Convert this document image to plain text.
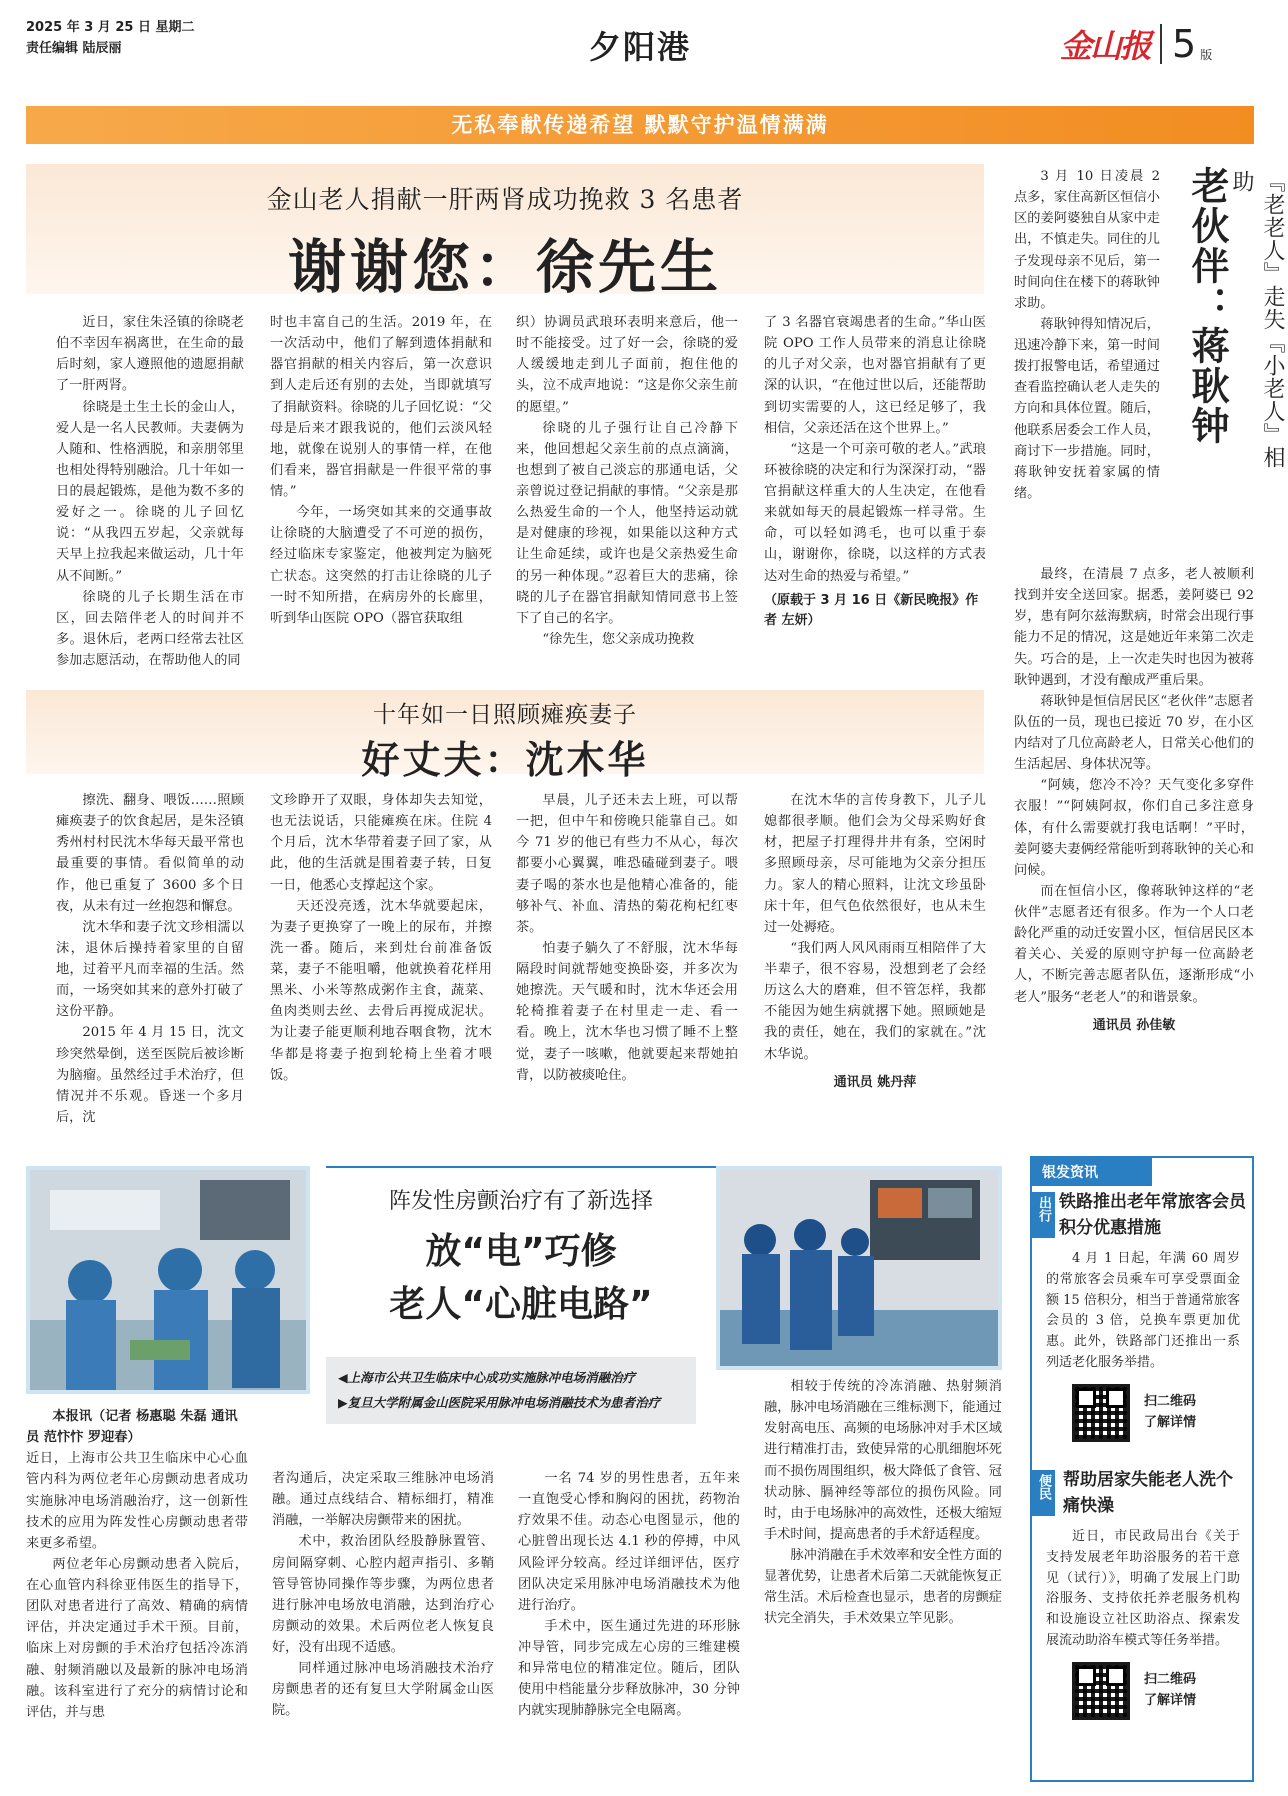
2025 年 3 月 25 日 星期二
责任编辑 陆辰丽	夕阳港	金山报 5 版
无私奉献传递希望 默默守护温情满满
金山老人捐献一肝两肾成功挽救 3 名患者
谢谢您：徐先生

近日，家住朱泾镇的徐晓老伯不幸因车祸离世，在生命的最后时刻，家人遵照他的遗愿捐献了一肝两肾。

徐晓是土生土长的金山人，爱人是一名人民教师。夫妻俩为人随和、性格洒脱，和亲朋邻里也相处得特别融洽。几十年如一日的晨起锻炼，是他为数不多的爱好之一。徐晓的儿子回忆说：“从我四五岁起，父亲就每天早上拉我起来做运动，几十年从不间断。”

徐晓的儿子长期生活在市区，回去陪伴老人的时间并不多。退休后，老两口经常去社区参加志愿活动，在帮助他人的同

时也丰富自己的生活。2019 年，在一次活动中，他们了解到遗体捐献和器官捐献的相关内容后，第一次意识到人走后还有别的去处，当即就填写了捐献资料。徐晓的儿子回忆说：“父母是后来才跟我说的，他们云淡风轻地，就像在说别人的事情一样，在他们看来，器官捐献是一件很平常的事情。”

今年，一场突如其来的交通事故让徐晓的大脑遭受了不可逆的损伤，经过临床专家鉴定，他被判定为脑死亡状态。这突然的打击让徐晓的儿子一时不知所措，在病房外的长廊里，听到华山医院 OPO（器官获取组

织）协调员武琅环表明来意后，他一时不能接受。过了好一会，徐晓的爱人缓缓地走到儿子面前，抱住他的头，泣不成声地说：“这是你父亲生前的愿望。”

徐晓的儿子强行让自己冷静下来，他回想起父亲生前的点点滴滴，也想到了被自己淡忘的那通电话，父亲曾说过登记捐献的事情。“父亲是那么热爱生命的一个人，他坚持运动就是对健康的珍视，如果能以这种方式让生命延续，或许也是父亲热爱生命的另一种体现。”忍着巨大的悲痛，徐晓的儿子在器官捐献知情同意书上签下了自己的名字。

“徐先生，您父亲成功挽救

了 3 名器官衰竭患者的生命。”华山医院 OPO 工作人员带来的消息让徐晓的儿子对父亲，也对器官捐献有了更深的认识，“在他过世以后，还能帮助到切实需要的人，这已经足够了，我相信，父亲还活在这个世界上。”

“这是一个可亲可敬的老人。”武琅环被徐晓的决定和行为深深打动，“器官捐献这样重大的人生决定，在他看来就如每天的晨起锻炼一样寻常。生命，可以轻如鸿毛，也可以重于泰山，谢谢你，徐晓，以这样的方式表达对生命的热爱与希望。”

（原载于 3 月 16 日《新民晚报》作者 左妍）
十年如一日照顾瘫痪妻子
好丈夫：沈木华

擦洗、翻身、喂饭……照顾瘫痪妻子的饮食起居，是朱泾镇秀州村村民沈木华每天最平常也最重要的事情。看似简单的动作，他已重复了 3600 多个日夜，从未有过一丝抱怨和懈怠。

沈木华和妻子沈文珍相濡以沫，退休后操持着家里的自留地，过着平凡而幸福的生活。然而，一场突如其来的意外打破了这份平静。

2015 年 4 月 15 日，沈文珍突然晕倒，送至医院后被诊断为脑瘤。虽然经过手术治疗，但情况并不乐观。昏迷一个多月后，沈

文珍睁开了双眼，身体却失去知觉，也无法说话，只能瘫痪在床。住院 4 个月后，沈木华带着妻子回了家，从此，他的生活就是围着妻子转，日复一日，他悉心支撑起这个家。

天还没亮透，沈木华就要起床，为妻子更换穿了一晚上的尿布，并擦洗一番。随后，来到灶台前准备饭菜，妻子不能咀嚼，他就换着花样用黑米、小米等熬成粥作主食，蔬菜、鱼肉类则去丝、去骨后再搅成泥状。为让妻子能更顺利地吞咽食物，沈木华都是将妻子抱到轮椅上坐着才喂饭。

早晨，儿子还未去上班，可以帮一把，但中午和傍晚只能靠自己。如今 71 岁的他已有些力不从心，每次都要小心翼翼，唯恐磕碰到妻子。喂妻子喝的茶水也是他精心准备的，能够补气、补血、清热的菊花枸杞红枣茶。

怕妻子躺久了不舒服，沈木华每隔段时间就帮她变换卧姿，并多次为她擦洗。天气暖和时，沈木华还会用轮椅推着妻子在村里走一走、看一看。晚上，沈木华也习惯了睡不上整觉，妻子一咳嗽，他就要起来帮她拍背，以防被痰呛住。

在沈木华的言传身教下，儿子儿媳都很孝顺。他们会为父母采购好食材，把屋子打理得井井有条，空闲时多照顾母亲，尽可能地为父亲分担压力。家人的精心照料，让沈文珍虽卧床十年，但气色依然很好，也从未生过一处褥疮。

“我们两人风风雨雨互相陪伴了大半辈子，很不容易，没想到老了会经历这么大的磨难，但不管怎样，我都不能因为她生病就撂下她。照顾她是我的责任，她在，我们的家就在。”沈木华说。

通讯员 姚丹萍

3 月 10 日凌晨 2 点多，家住高新区恒信小区的姜阿婆独自从家中走出，不慎走失。同住的儿子发现母亲不见后，第一时间向住在楼下的蒋耿钟求助。

蒋耿钟得知情况后，迅速冷静下来，第一时间拨打报警电话，希望通过查看监控确认老人走失的方向和具体位置。随后，他联系居委会工作人员，商讨下一步措施。同时，蒋耿钟安抚着家属的情绪。

老伙伴：蒋耿钟	『老老人』走失『小老人』相助

最终，在清晨 7 点多，老人被顺利找到并安全送回家。据悉，姜阿婆已 92 岁，患有阿尔兹海默病，时常会出现行事能力不足的情况，这是她近年来第二次走失。巧合的是，上一次走失时也因为被蒋耿钟遇到，才没有酿成严重后果。

蒋耿钟是恒信居民区“老伙伴”志愿者队伍的一员，现也已接近 70 岁，在小区内结对了几位高龄老人，日常关心他们的生活起居、身体状况等。

“阿姨，您冷不冷？天气变化多穿件衣服！”“阿姨阿叔，你们自己多注意身体，有什么需要就打我电话啊！”平时，姜阿婆夫妻俩经常能听到蒋耿钟的关心和问候。

而在恒信小区，像蒋耿钟这样的“老伙伴”志愿者还有很多。作为一个人口老龄化严重的动迁安置小区，恒信居民区本着关心、关爱的原则守护每一位高龄老人，不断完善志愿者队伍，逐渐形成“小老人”服务“老老人”的和谐景象。

通讯员 孙佳敏
阵发性房颤治疗有了新选择
放“电”巧修
老人“心脏电路”
◀上海市公共卫生临床中心成功实施脉冲电场消融治疗
▶复旦大学附属金山医院采用脉冲电场消融技术为患者治疗
本报讯（记者 杨惠聪 朱磊 通讯员 范忭忭 罗迎春）

近日，上海市公共卫生临床中心心血管内科为两位老年心房颤动患者成功实施脉冲电场消融治疗，这一创新性技术的应用为阵发性心房颤动患者带来更多希望。

两位老年心房颤动患者入院后，在心血管内科徐亚伟医生的指导下，团队对患者进行了高效、精确的病情评估，并决定通过手术干预。目前，临床上对房颤的手术治疗包括冷冻消融、射频消融以及最新的脉冲电场消融。该科室进行了充分的病情讨论和评估，并与患

者沟通后，决定采取三维脉冲电场消融。通过点线结合、精标细打，精准消融，一举解决房颤带来的困扰。

术中，救治团队经股静脉置管、房间隔穿刺、心腔内超声指引、多鞘管导管协同操作等步骤，为两位患者进行脉冲电场放电消融，达到治疗心房颤动的效果。术后两位老人恢复良好，没有出现不适感。

同样通过脉冲电场消融技术治疗房颤患者的还有复旦大学附属金山医院。

一名 74 岁的男性患者，五年来一直饱受心悸和胸闷的困扰，药物治疗效果不佳。动态心电图显示，他的心脏曾出现长达 4.1 秒的停搏，中风风险评分较高。经过详细评估，医疗团队决定采用脉冲电场消融技术为他进行治疗。

手术中，医生通过先进的环形脉冲导管，同步完成左心房的三维建模和异常电位的精准定位。随后，团队使用中档能量分步释放脉冲，30 分钟内就实现肺静脉完全电隔离。

相较于传统的冷冻消融、热射频消融，脉冲电场消融在三维标测下，能通过发射高电压、高频的电场脉冲对手术区域进行精准打击，致使异常的心肌细胞坏死而不损伤周围组织，极大降低了食管、冠状动脉、膈神经等部位的损伤风险。同时，由于电场脉冲的高效性，还极大缩短手术时间，提高患者的手术舒适程度。

脉冲消融在手术效率和安全性方面的显著优势，让患者术后第二天就能恢复正常生活。术后检查也显示，患者的房颤症状完全消失，手术效果立竿见影。

银发资讯
出行 铁路推出老年常旅客会员积分优惠措施

4 月 1 日起，年满 60 周岁的常旅客会员乘车可享受票面金额 15 倍积分，相当于普通常旅客会员的 3 倍，兑换车票更加优惠。此外，铁路部门还推出一系列适老化服务举措。

扫二维码
了解详情
便民 帮助居家失能老人洗个痛快澡

近日，市民政局出台《关于支持发展老年助浴服务的若干意见（试行）》，明确了发展上门助浴服务、支持依托养老服务机构和设施设立社区助浴点、探索发展流动助浴车模式等任务举措。

扫二维码
了解详情
